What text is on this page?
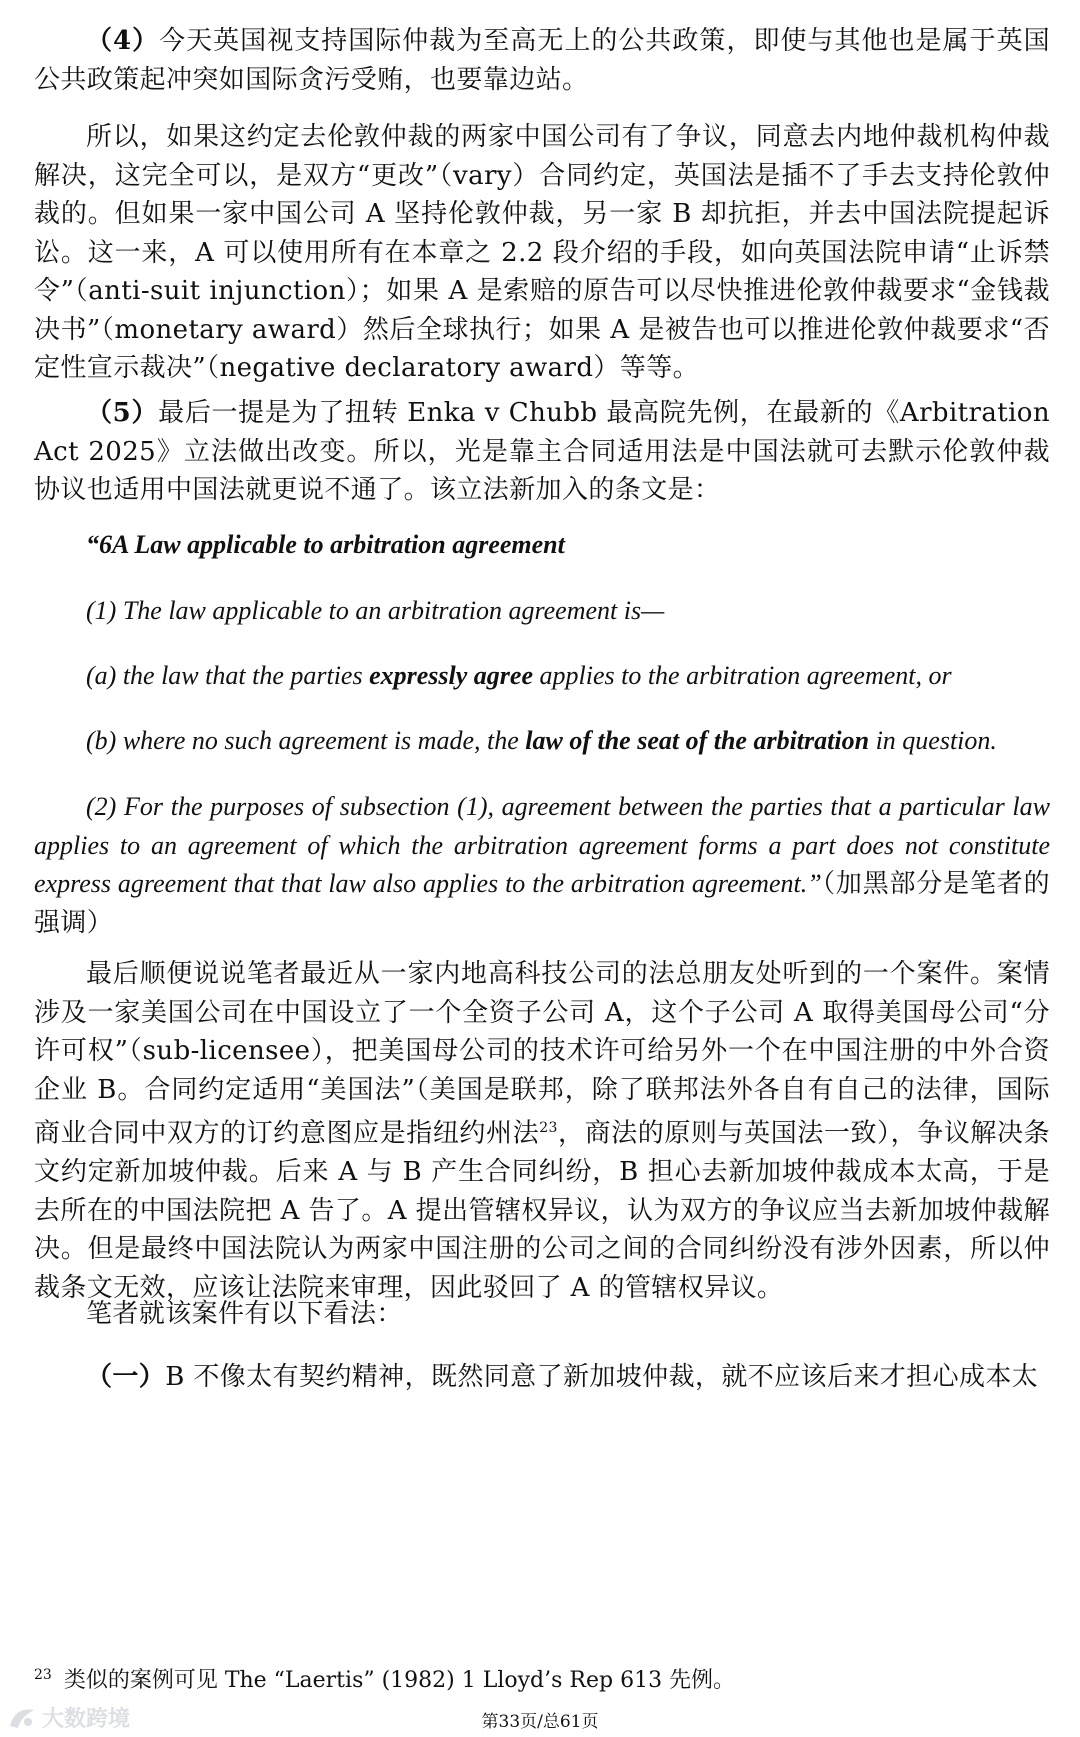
（4）今天英国视支持国际仲裁为至高无上的公共政策，即使与其他也是属于英国公共政策起冲突如国际贪污受贿，也要靠边站。

所以，如果这约定去伦敦仲裁的两家中国公司有了争议，同意去内地仲裁机构仲裁解决，这完全可以，是双方“更改”（vary）合同约定，英国法是插不了手去支持伦敦仲裁的。但如果一家中国公司 A 坚持伦敦仲裁，另一家 B 却抗拒，并去中国法院提起诉讼。这一来，A 可以使用所有在本章之 2.2 段介绍的手段，如向英国法院申请“止诉禁令”（anti-suit injunction）；如果 A 是索赔的原告可以尽快推进伦敦仲裁要求“金钱裁决书”（monetary award）然后全球执行；如果 A 是被告也可以推进伦敦仲裁要求“否定性宣示裁决”（negative declaratory award）等等。

（5）最后一提是为了扭转 Enka v Chubb 最高院先例，在最新的《Arbitration Act 2025》立法做出改变。所以，光是靠主合同适用法是中国法就可去默示伦敦仲裁协议也适用中国法就更说不通了。该立法新加入的条文是：

“6A Law applicable to arbitration agreement

(1) The law applicable to an arbitration agreement is—

(a) the law that the parties expressly agree applies to the arbitration agreement, or

(b) where no such agreement is made, the law of the seat of the arbitration in question.

(2) For the purposes of subsection (1), agreement between the parties that a particular law applies to an agreement of which the arbitration agreement forms a part does not constitute express agreement that that law also applies to the arbitration agreement.”（加黑部分是笔者的强调）

最后顺便说说笔者最近从一家内地高科技公司的法总朋友处听到的一个案件。案情涉及一家美国公司在中国设立了一个全资子公司 A，这个子公司 A 取得美国母公司“分许可权”（sub-licensee），把美国母公司的技术许可给另外一个在中国注册的中外合资企业 B。合同约定适用“美国法”（美国是联邦，除了联邦法外各自有自己的法律，国际商业合同中双方的订约意图应是指纽约州法$^{23}$，商法的原则与英国法一致），争议解决条文约定新加坡仲裁。后来 A 与 B 产生合同纠纷，B 担心去新加坡仲裁成本太高，于是去所在的中国法院把 A 告了。A 提出管辖权异议，认为双方的争议应当去新加坡仲裁解决。但是最终中国法院认为两家中国注册的公司之间的合同纠纷没有涉外因素，所以仲裁条文无效，应该让法院来审理，因此驳回了 A 的管辖权异议。

笔者就该案件有以下看法：

（一）B 不像太有契约精神，既然同意了新加坡仲裁，就不应该后来才担心成本太

$^{23}$ 类似的案例可见 The “Laertis” (1982) 1 Lloyd’s Rep 613 先例。

大数跨境	第33页/总61页
